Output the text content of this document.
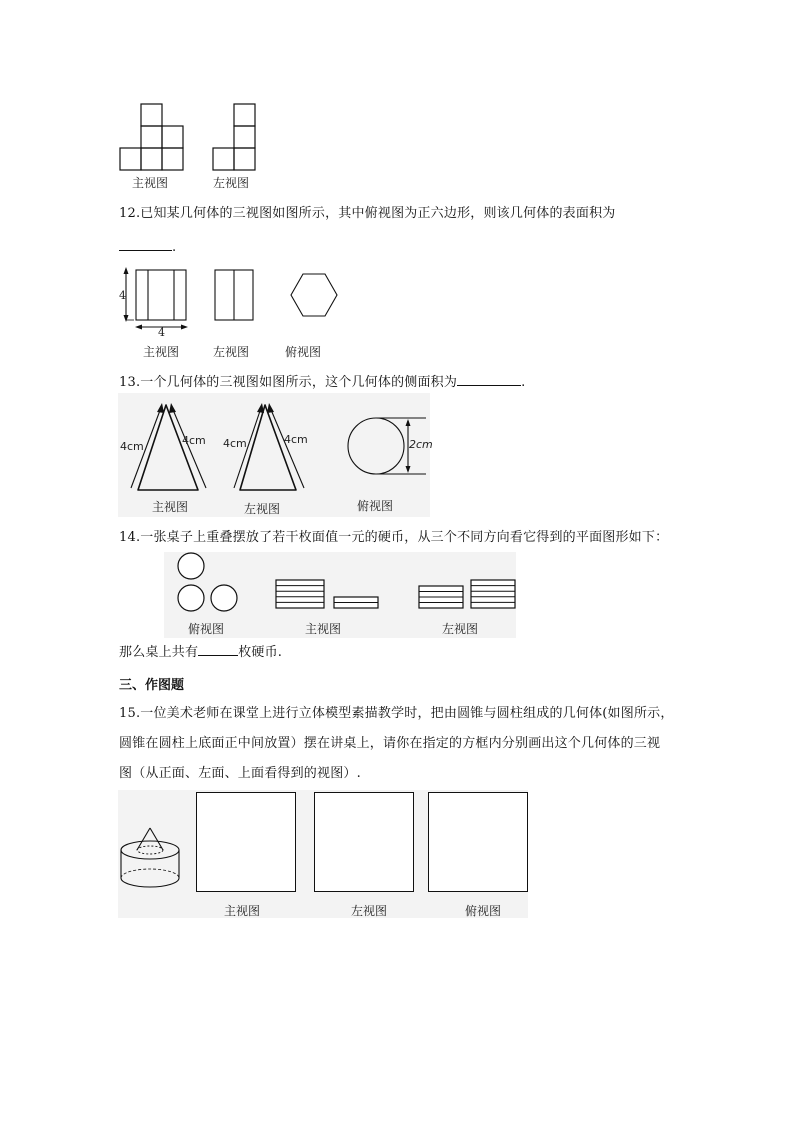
主视图	左视图
12.已知某几何体的三视图如图所示，其中俯视图为正六边形，则该几何体的表面积为
.
4
4
主视图	左视图	俯视图
13.一个几何体的三视图如图所示，这个几何体的侧面积为	.
4cm	4cm 4cm	4cm	2cm
主视图	左视图	俯视图
14.一张桌子上重叠摆放了若干枚面值一元的硬币，从三个不同方向看它得到的平面图形如下：
俯视图	主视图	左视图
那么桌上共有	枚硬币.
三、作图题
15.一位美术老师在课堂上进行立体模型素描教学时，把由圆锥与圆柱组成的几何体(如图所示，
圆锥在圆柱上底面正中间放置）摆在讲桌上，请你在指定的方框内分别画出这个几何体的三视
图（从正面、左面、上面看得到的视图）.
主视图	左视图	俯视图
